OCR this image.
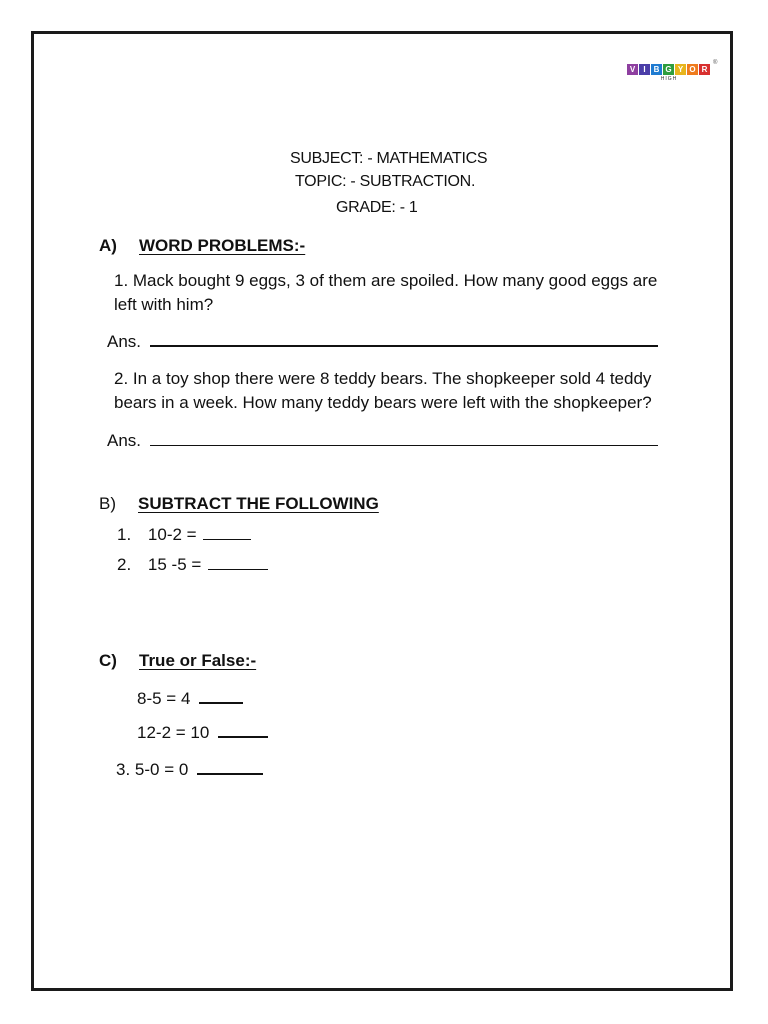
V	I	B G Y O R
HIGH
®
SUBJECT: - MATHEMATICS
TOPIC: - SUBTRACTION.
GRADE: - 1
A) WORD PROBLEMS:-
1. Mack bought 9 eggs, 3 of them are spoiled. How many good eggs are
left with him?
Ans.
2. In a toy shop there were 8 teddy bears. The shopkeeper sold 4 teddy
bears in a week. How many teddy bears were left with the shopkeeper?
Ans.
B) SUBTRACT THE FOLLOWING
1. 10-2 =
2. 15 -5 =
C) True or False:-
8-5 = 4
12-2 = 10
3. 5-0 = 0
